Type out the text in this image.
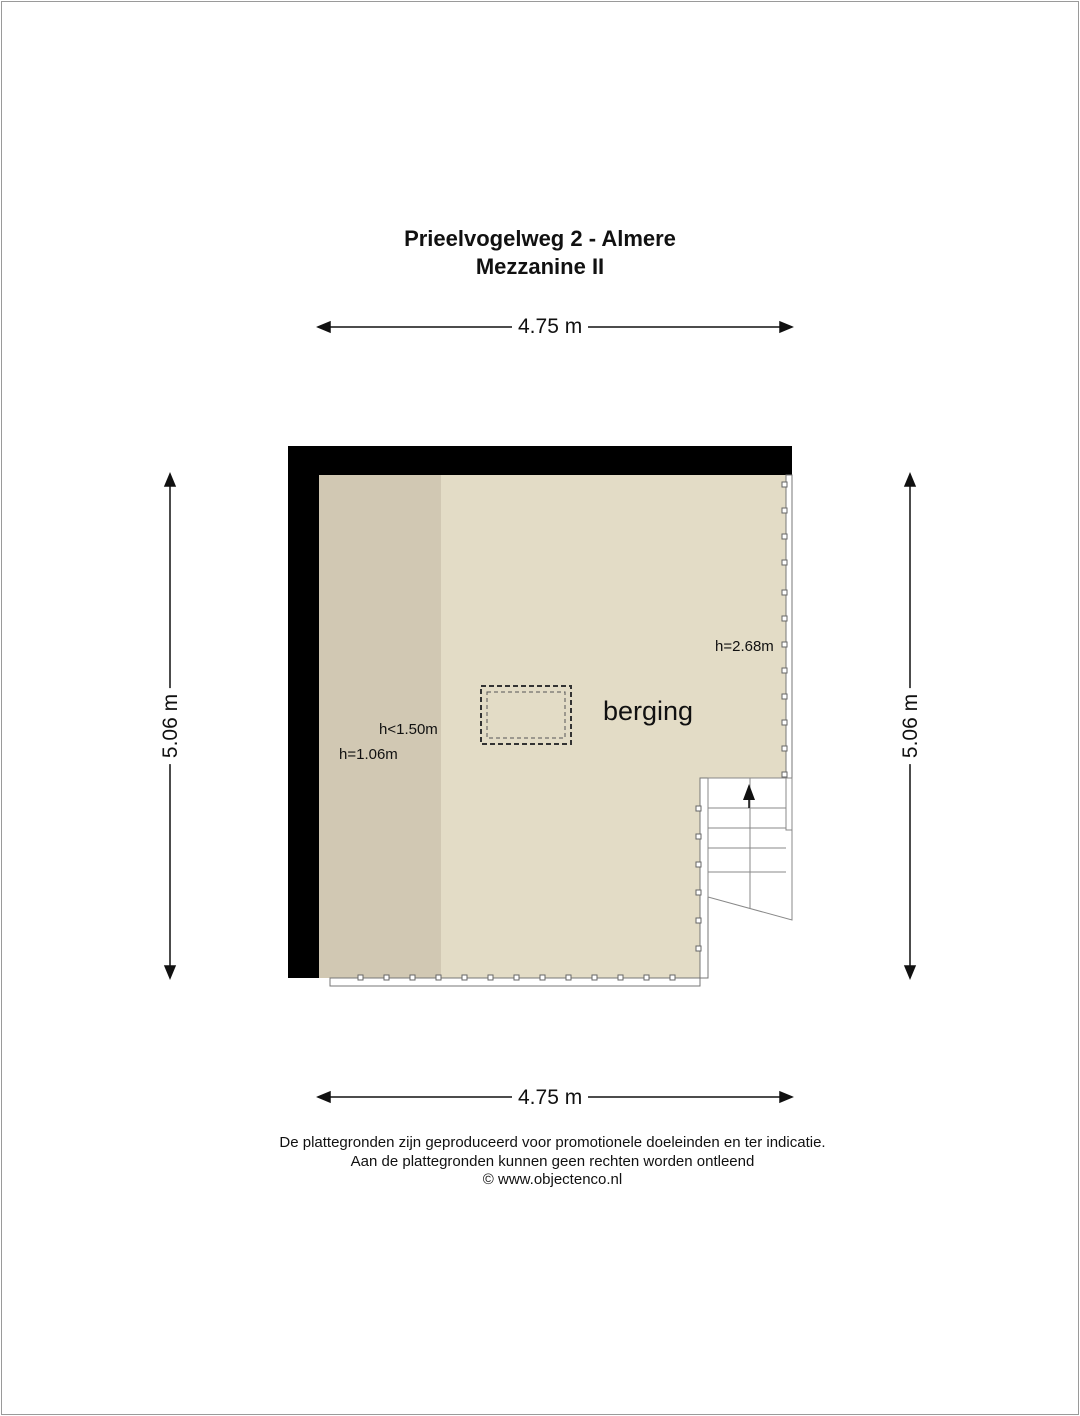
Prieelvogelweg 2 - Almere
Mezzanine II
4.75 m
4.75 m
5.06 m	5.06 m
berging
h=2.68m
h<1.50m
h=1.06m
De plattegronden zijn geproduceerd voor promotionele doeleinden en ter indicatie.
Aan de plattegronden kunnen geen rechten worden ontleend
© www.objectenco.nl
